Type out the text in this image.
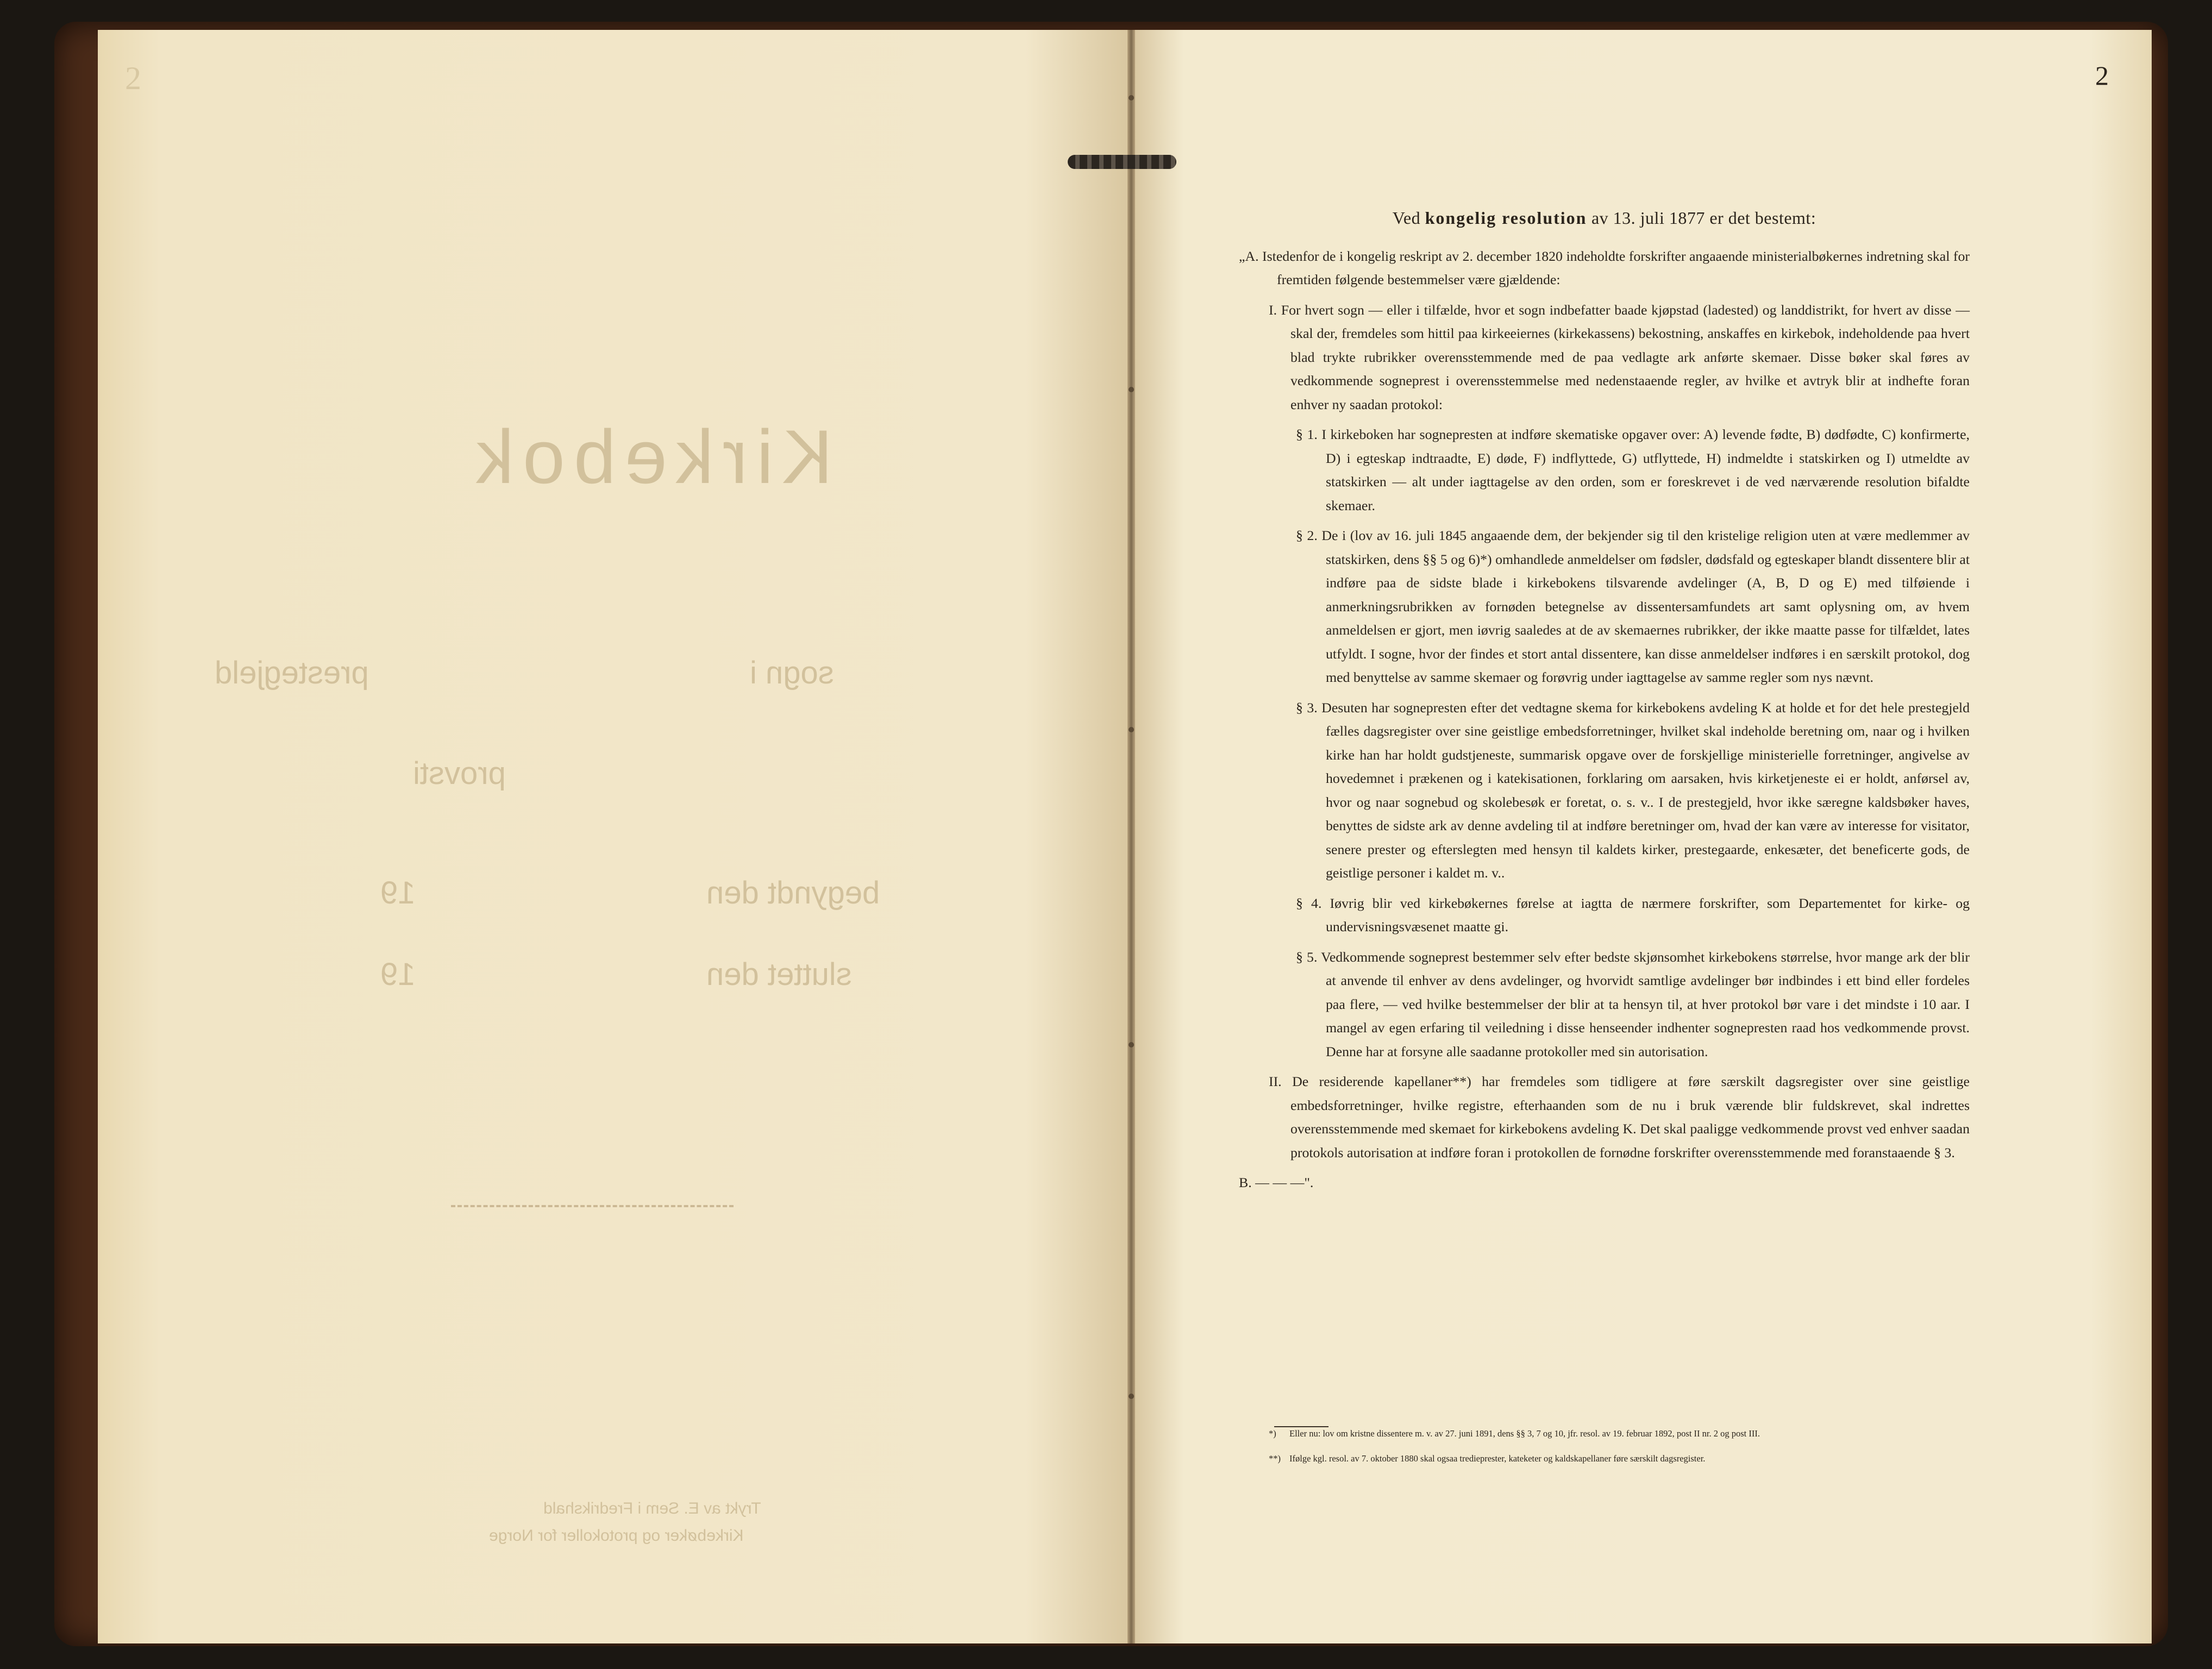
2
Kirkebok
sogn i
prestegjeld
provsti
begyndt den
19
sluttet den
19
Trykt av E. Sem i Fredrikshald
Kirkebøker og protokoller for Norge
2
Ved kongelig resolution av 13. juli 1877 er det bestemt:

„A. Istedenfor de i kongelig reskript av 2. december 1820 indeholdte forskrifter angaaende ministerialbøkernes indretning skal for fremtiden følgende bestemmelser være gjældende:

I. For hvert sogn — eller i tilfælde, hvor et sogn indbefatter baade kjøpstad (ladested) og landdistrikt, for hvert av disse — skal der, fremdeles som hittil paa kirkeeiernes (kirkekassens) bekostning, anskaffes en kirkebok, indeholdende paa hvert blad trykte rubrikker overensstemmende med de paa vedlagte ark anførte skemaer. Disse bøker skal føres av vedkommende sogneprest i overensstemmelse med nedenstaaende regler, av hvilke et avtryk blir at indhefte foran enhver ny saadan protokol:

§ 1. I kirkeboken har sognepresten at indføre skematiske opgaver over: A) levende fødte, B) dødfødte, C) konfirmerte, D) i egteskap indtraadte, E) døde, F) indflyttede, G) utflyttede, H) indmeldte i statskirken og I) utmeldte av statskirken — alt under iagttagelse av den orden, som er foreskrevet i de ved nærværende resolution bifaldte skemaer.

§ 2. De i (lov av 16. juli 1845 angaaende dem, der bekjender sig til den kristelige religion uten at være medlemmer av statskirken, dens §§ 5 og 6)*) omhandlede anmeldelser om fødsler, dødsfald og egteskaper blandt dissentere blir at indføre paa de sidste blade i kirkebokens tilsvarende avdelinger (A, B, D og E) med tilføiende i anmerkningsrubrikken av fornøden betegnelse av dissentersamfundets art samt oplysning om, av hvem anmeldelsen er gjort, men iøvrig saaledes at de av skemaernes rubrikker, der ikke maatte passe for tilfældet, lates utfyldt. I sogne, hvor der findes et stort antal dissentere, kan disse anmeldelser indføres i en særskilt protokol, dog med benyttelse av samme skemaer og forøvrig under iagttagelse av samme regler som nys nævnt.

§ 3. Desuten har sognepresten efter det vedtagne skema for kirkebokens avdeling K at holde et for det hele prestegjeld fælles dagsregister over sine geistlige embedsforretninger, hvilket skal indeholde beretning om, naar og i hvilken kirke han har holdt gudstjeneste, summarisk opgave over de forskjellige ministerielle forretninger, angivelse av hovedemnet i prækenen og i katekisationen, forklaring om aarsaken, hvis kirketjeneste ei er holdt, anførsel av, hvor og naar sognebud og skolebesøk er foretat, o. s. v.. I de prestegjeld, hvor ikke særegne kaldsbøker haves, benyttes de sidste ark av denne avdeling til at indføre beretninger om, hvad der kan være av interesse for visitator, senere prester og efterslegten med hensyn til kaldets kirker, prestegaarde, enkesæter, det beneficerte gods, de geistlige personer i kaldet m. v..

§ 4. Iøvrig blir ved kirkebøkernes førelse at iagtta de nærmere forskrifter, som Departementet for kirke- og undervisningsvæsenet maatte gi.

§ 5. Vedkommende sogneprest bestemmer selv efter bedste skjønsomhet kirkebokens størrelse, hvor mange ark der blir at anvende til enhver av dens avdelinger, og hvorvidt samtlige avdelinger bør indbindes i ett bind eller fordeles paa flere, — ved hvilke bestemmelser der blir at ta hensyn til, at hver protokol bør vare i det mindste i 10 aar. I mangel av egen erfaring til veiledning i disse henseender indhenter sognepresten raad hos vedkommende provst. Denne har at forsyne alle saadanne protokoller med sin autorisation.

II. De residerende kapellaner**) har fremdeles som tidligere at føre særskilt dagsregister over sine geistlige embedsforretninger, hvilke registre, efterhaanden som de nu i bruk værende blir fuldskrevet, skal indrettes overensstemmende med skemaet for kirkebokens avdeling K. Det skal paaligge vedkommende provst ved enhver saadan protokols autorisation at indføre foran i protokollen de fornødne forskrifter overensstemmende med foranstaaende § 3.

B. — — —".

*) Eller nu: lov om kristne dissentere m. v. av 27. juni 1891, dens §§ 3, 7 og 10, jfr. resol. av 19. februar 1892, post II nr. 2 og post III.
**) Ifølge kgl. resol. av 7. oktober 1880 skal ogsaa tredieprester, kateketer og kaldskapellaner føre særskilt dagsregister.
